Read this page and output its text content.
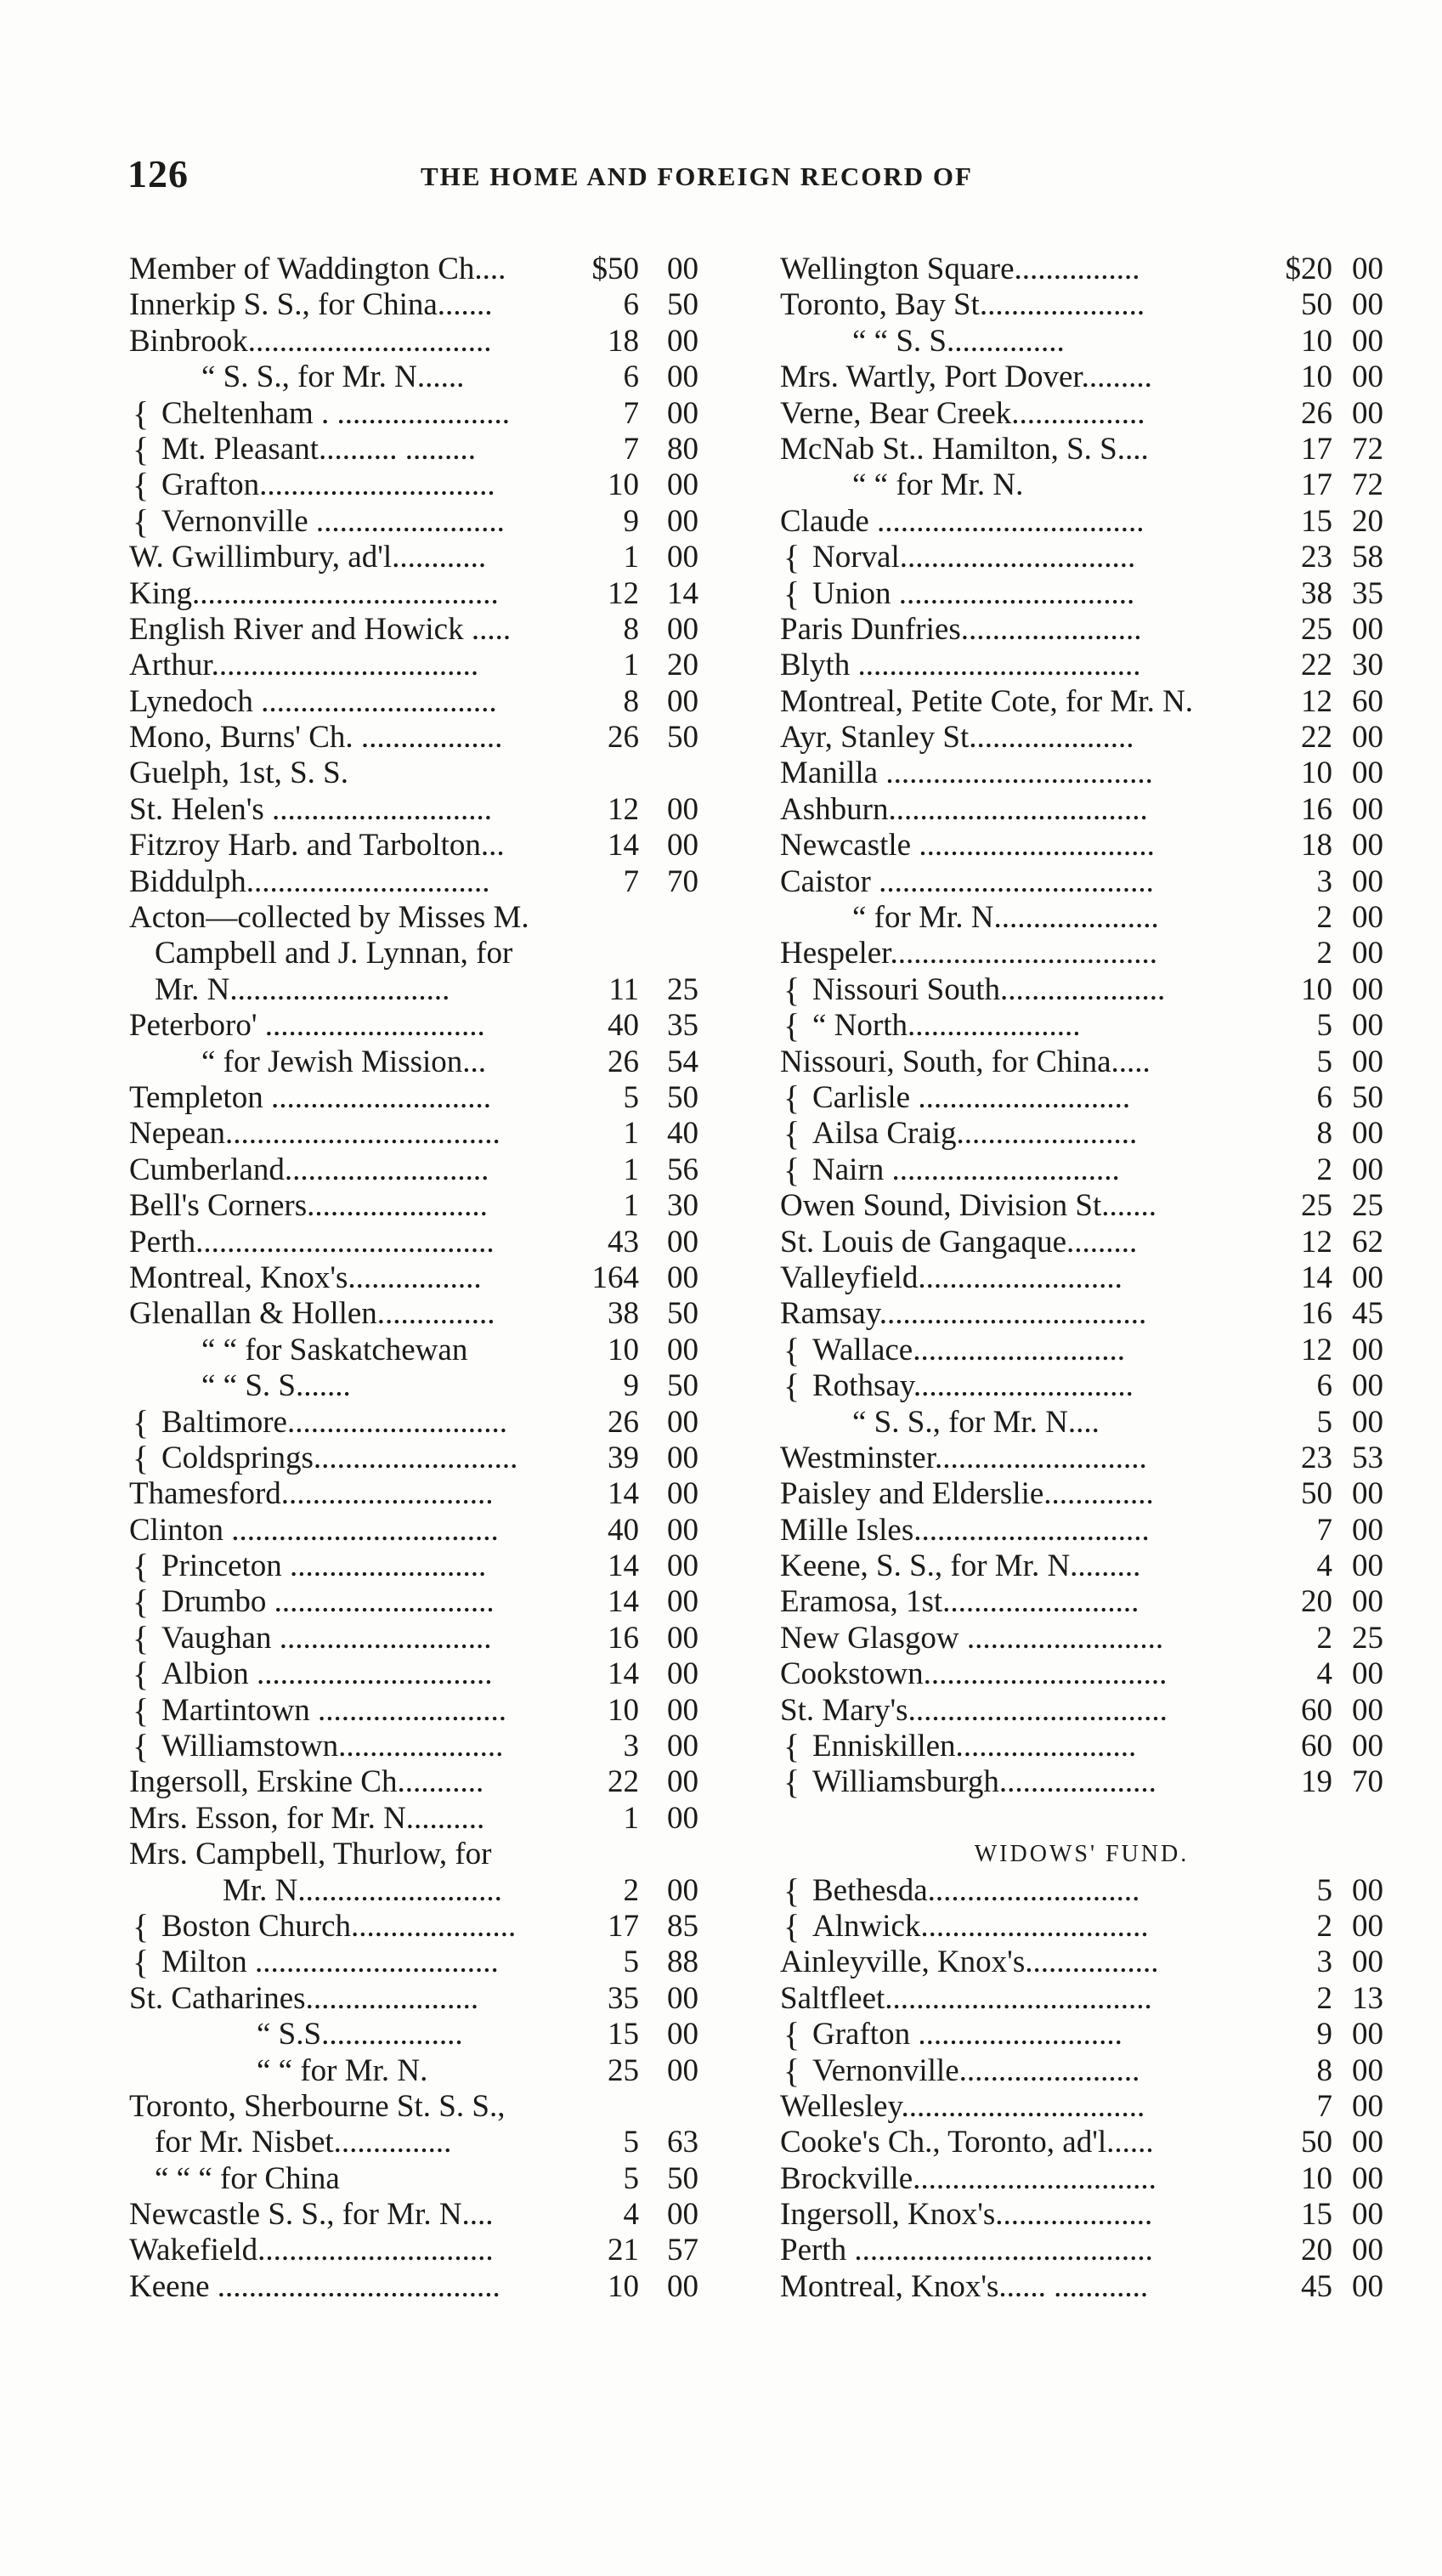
126	THE HOME AND FOREIGN RECORD OF
Member of Waddington Ch....	$50 00
Innerkip S. S., for China.......	6 50
Binbrook...............................	18 00
“ S. S., for Mr. N......	6 00
{ Cheltenham . ......................	7 00
{ Mt. Pleasant.......... .........	7 80
{ Grafton..............................	10 00
{ Vernonville ........................	9 00
W. Gwillimbury, ad'l............	1 00
King.......................................	12 14
English River and Howick .....	8 00
Arthur..................................	1 20
Lynedoch ..............................	8 00
Mono, Burns' Ch. ..................	26 50
Guelph, 1st, S. S.
St. Helen's ............................	12 00
Fitzroy Harb. and Tarbolton...	14 00
Biddulph...............................	7 70
Acton—collected by Misses M.
Campbell and J. Lynnan, for
Mr. N............................	11 25
Peterboro' ............................	40 35
“ for Jewish Mission...	26 54
Templeton ............................	5 50
Nepean...................................	1 40
Cumberland..........................	1 56
Bell's Corners.......................	1 30
Perth......................................	43 00
Montreal, Knox's.................	164 00
Glenallan & Hollen...............	38 50
“ “ for Saskatchewan	10 00
“ “ S. S.......	9 50
{ Baltimore............................	26 00
{ Coldsprings..........................	39 00
Thamesford...........................	14 00
Clinton ..................................	40 00
{ Princeton .........................	14 00
{ Drumbo ............................	14 00
{ Vaughan ...........................	16 00
{ Albion ..............................	14 00
{ Martintown ........................	10 00
{ Williamstown.....................	3 00
Ingersoll, Erskine Ch...........	22 00
Mrs. Esson, for Mr. N..........	1 00
Mrs. Campbell, Thurlow, for
Mr. N..........................	2 00
{ Boston Church.....................	17 85
{ Milton ...............................	5 88
St. Catharines......................	35 00
“ S.S..................	15 00
“ “ for Mr. N.	25 00
Toronto, Sherbourne St. S. S.,
for Mr. Nisbet...............	5 63
“ “ “ for China	5 50
Newcastle S. S., for Mr. N....	4 00
Wakefield..............................	21 57
Keene ....................................	10 00
Wellington Square................	$20 00
Toronto, Bay St.....................	50 00
“ “ S. S...............	10 00
Mrs. Wartly, Port Dover.........	10 00
Verne, Bear Creek.................	26 00
McNab St.. Hamilton, S. S....	17 72
“ “ for Mr. N.	17 72
Claude ..................................	15 20
{ Norval..............................	23 58
{ Union ..............................	38 35
Paris Dunfries.......................	25 00
Blyth ....................................	22 30
Montreal, Petite Cote, for Mr. N.	12 60
Ayr, Stanley St.....................	22 00
Manilla ..................................	10 00
Ashburn.................................	16 00
Newcastle ..............................	18 00
Caistor ...................................	3 00
“ for Mr. N.....................	2 00
Hespeler..................................	2 00
{ Nissouri South.....................	10 00
{ “ North......................	5 00
Nissouri, South, for China.....	5 00
{ Carlisle ...........................	6 50
{ Ailsa Craig.......................	8 00
{ Nairn .............................	2 00
Owen Sound, Division St.......	25 25
St. Louis de Gangaque.........	12 62
Valleyfield..........................	14 00
Ramsay..................................	16 45
{ Wallace...........................	12 00
{ Rothsay............................	6 00
“ S. S., for Mr. N....	5 00
Westminster...........................	23 53
Paisley and Elderslie..............	50 00
Mille Isles..............................	7 00
Keene, S. S., for Mr. N.........	4 00
Eramosa, 1st.........................	20 00
New Glasgow .........................	2 25
Cookstown...............................	4 00
St. Mary's.................................	60 00
{ Enniskillen.......................	60 00
{ Williamsburgh....................	19 70
WIDOWS' FUND.
{ Bethesda...........................	5 00
{ Alnwick.............................	2 00
Ainleyville, Knox's.................	3 00
Saltfleet..................................	2 13
{ Grafton ..........................	9 00
{ Vernonville.......................	8 00
Wellesley...............................	7 00
Cooke's Ch., Toronto, ad'l......	50 00
Brockville...............................	10 00
Ingersoll, Knox's....................	15 00
Perth ......................................	20 00
Montreal, Knox's...... ............	45 00
